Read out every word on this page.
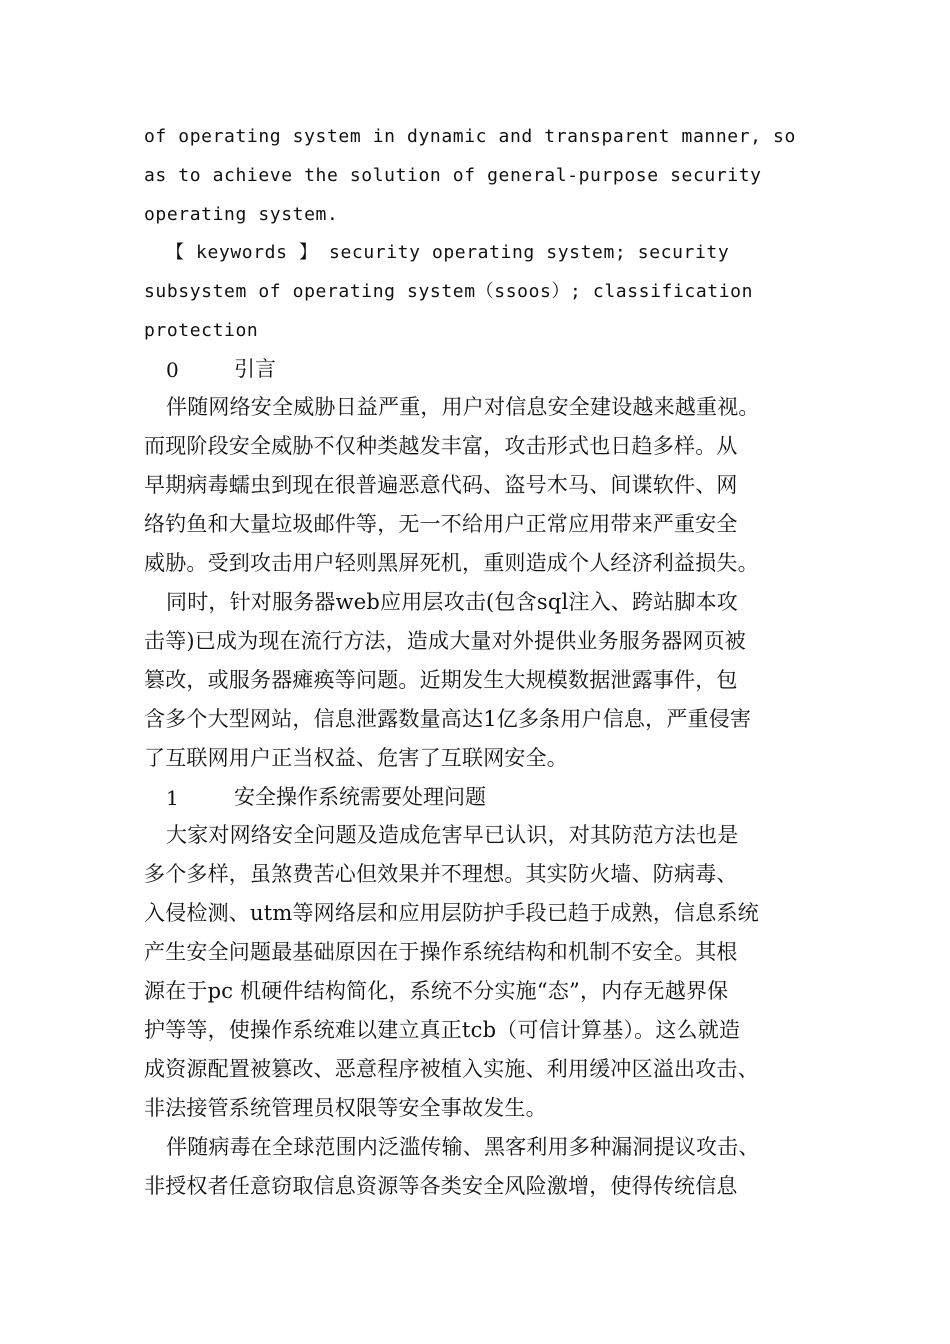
of operating system in dynamic and transparent manner, so
as to achieve the solution of general-purpose security
operating system.
【 keywords 】 security operating system; security
subsystem of operating system（ssoos）; classification
protection
0	引言
伴随网络安全威胁日益严重，用户对信息安全建设越来越重视。
而现阶段安全威胁不仅种类越发丰富，攻击形式也日趋多样。从
早期病毒蠕虫到现在很普遍恶意代码、盗号木马、间谍软件、网
络钓鱼和大量垃圾邮件等，无一不给用户正常应用带来严重安全
威胁。受到攻击用户轻则黑屏死机，重则造成个人经济利益损失。
同时，针对服务器web应用层攻击(包含sql注入、跨站脚本攻
击等)已成为现在流行方法，造成大量对外提供业务服务器网页被
篡改，或服务器瘫痪等问题。近期发生大规模数据泄露事件，包
含多个大型网站，信息泄露数量高达1亿多条用户信息，严重侵害
了互联网用户正当权益、危害了互联网安全。
1	安全操作系统需要处理问题
大家对网络安全问题及造成危害早已认识，对其防范方法也是
多个多样，虽煞费苦心但效果并不理想。其实防火墙、防病毒、
入侵检测、utm等网络层和应用层防护手段已趋于成熟，信息系统
产生安全问题最基础原因在于操作系统结构和机制不安全。其根
源在于pc 机硬件结构简化，系统不分实施“态”，内存无越界保
护等等，使操作系统难以建立真正tcb（可信计算基）。这么就造
成资源配置被篡改、恶意程序被植入实施、利用缓冲区溢出攻击、
非法接管系统管理员权限等安全事故发生。
伴随病毒在全球范围内泛滥传输、黑客利用多种漏洞提议攻击、
非授权者任意窃取信息资源等各类安全风险激增，使得传统信息
